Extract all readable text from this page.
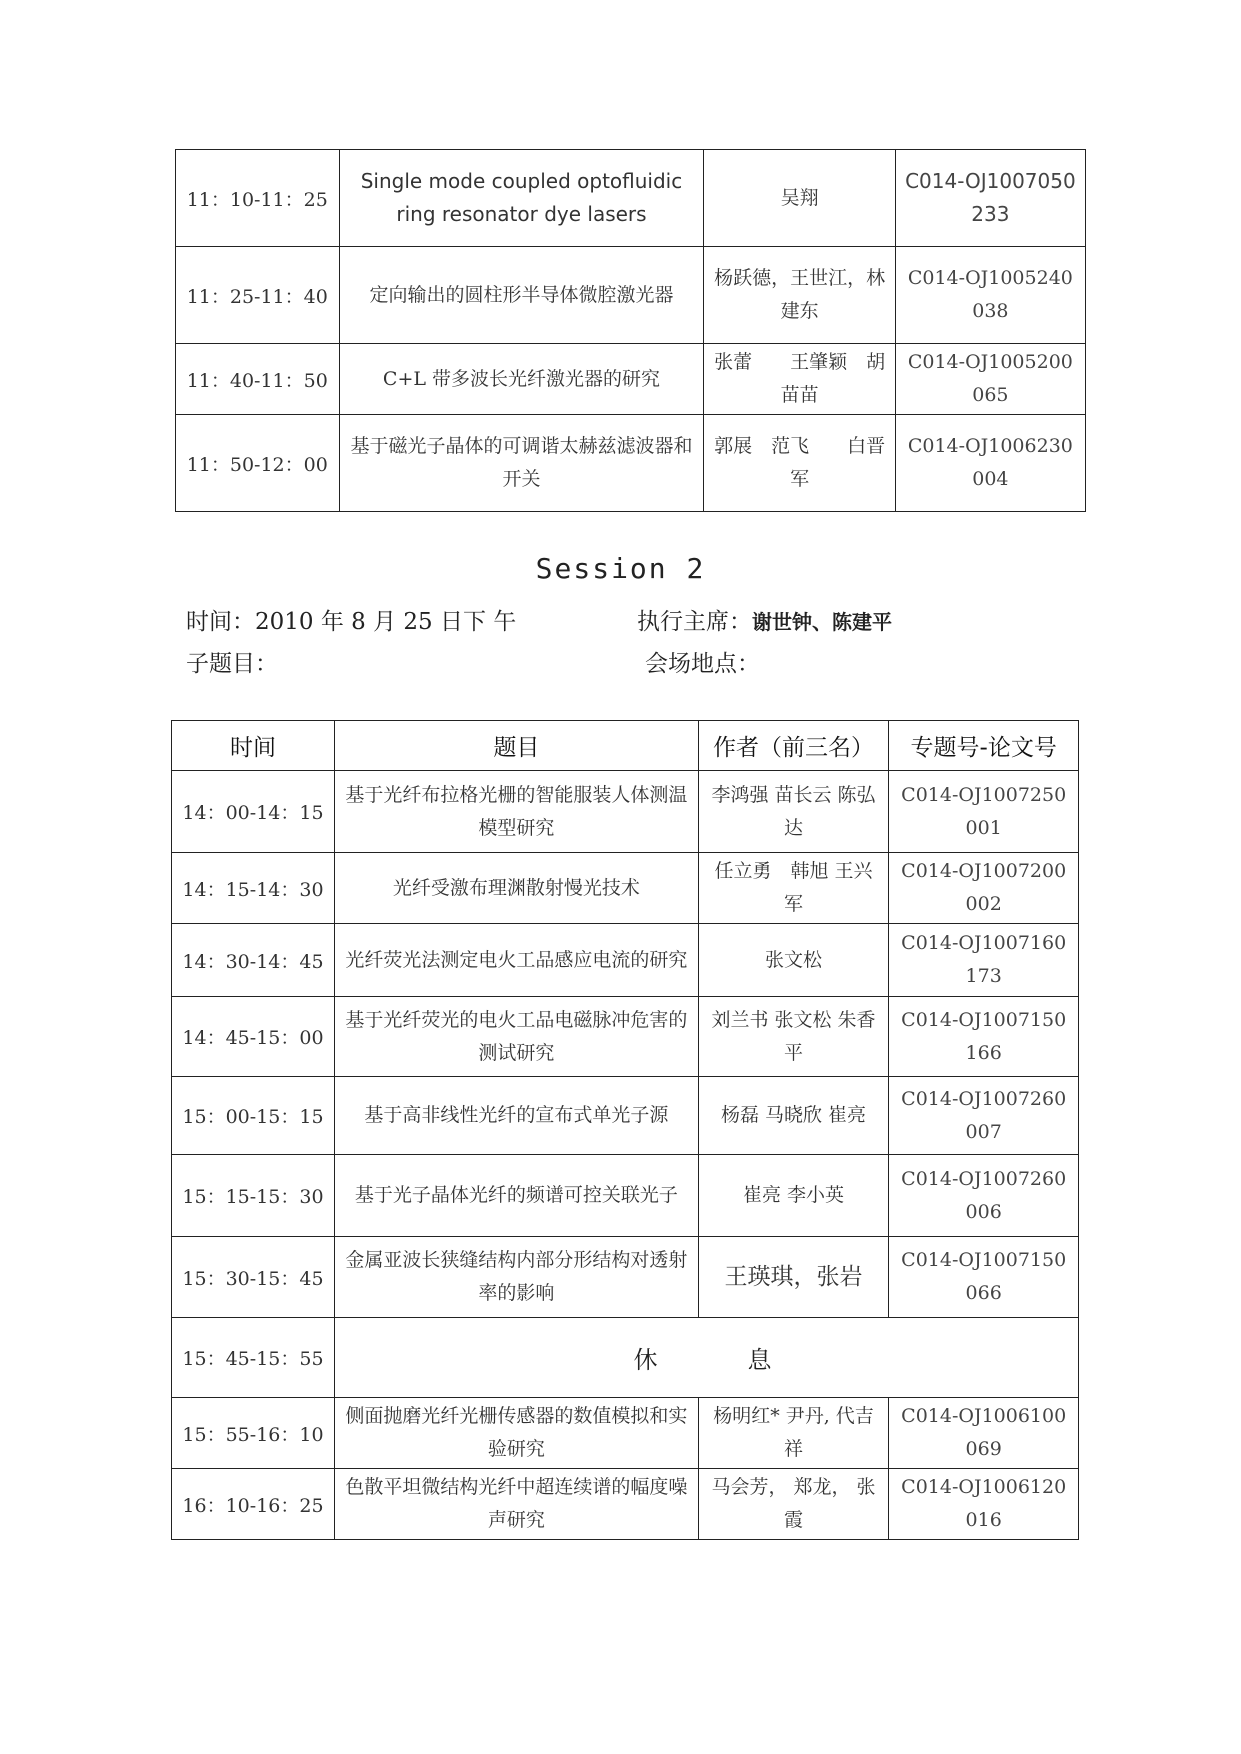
11：10-11：25	Single mode coupled optofluidic ring resonator dye lasers	吴翔	C014-OJ1007050233
11：25-11：40	定向输出的圆柱形半导体微腔激光器	杨跃德，王世江，林建东	C014-OJ1005240038
11：40-11：50	C+L 带多波长光纤激光器的研究	张蕾　　王肇颖　胡苗苗	C014-OJ1005200065
11：50-12：00	基于磁光子晶体的可调谐太赫兹滤波器和开关	郭展　范飞　　白晋军	C014-OJ1006230004
Session 2
时间：2010 年 8 月 25 日下 午	执行主席：谢世钟、陈建平
子题目：	会场地点：
时间	题目	作者（前三名）	专题号-论文号
14：00-14：15	基于光纤布拉格光栅的智能服装人体测温模型研究	李鸿强 苗长云 陈弘达	C014-OJ1007250001
14：15-14：30	光纤受激布理渊散射慢光技术	任立勇　韩旭 王兴军	C014-OJ1007200002
14：30-14：45	光纤荧光法测定电火工品感应电流的研究	张文松	C014-OJ1007160173
14：45-15：00	基于光纤荧光的电火工品电磁脉冲危害的测试研究	刘兰书 张文松 朱香平	C014-OJ1007150166
15：00-15：15	基于高非线性光纤的宣布式单光子源	杨磊 马晓欣 崔亮	C014-OJ1007260007
15：15-15：30	基于光子晶体光纤的频谱可控关联光子	崔亮 李小英	C014-OJ1007260006
15：30-15：45	金属亚波长狭缝结构内部分形结构对透射率的影响	王瑛琪，张岩	C014-OJ1007150066
15：45-15：55	休息		
15：55-16：10	侧面抛磨光纤光栅传感器的数值模拟和实验研究	杨明红* 尹丹, 代吉祥	C014-OJ1006100069
16：10-16：25	色散平坦微结构光纤中超连续谱的幅度噪声研究	马会芳， 郑龙， 张霞	C014-OJ1006120016
